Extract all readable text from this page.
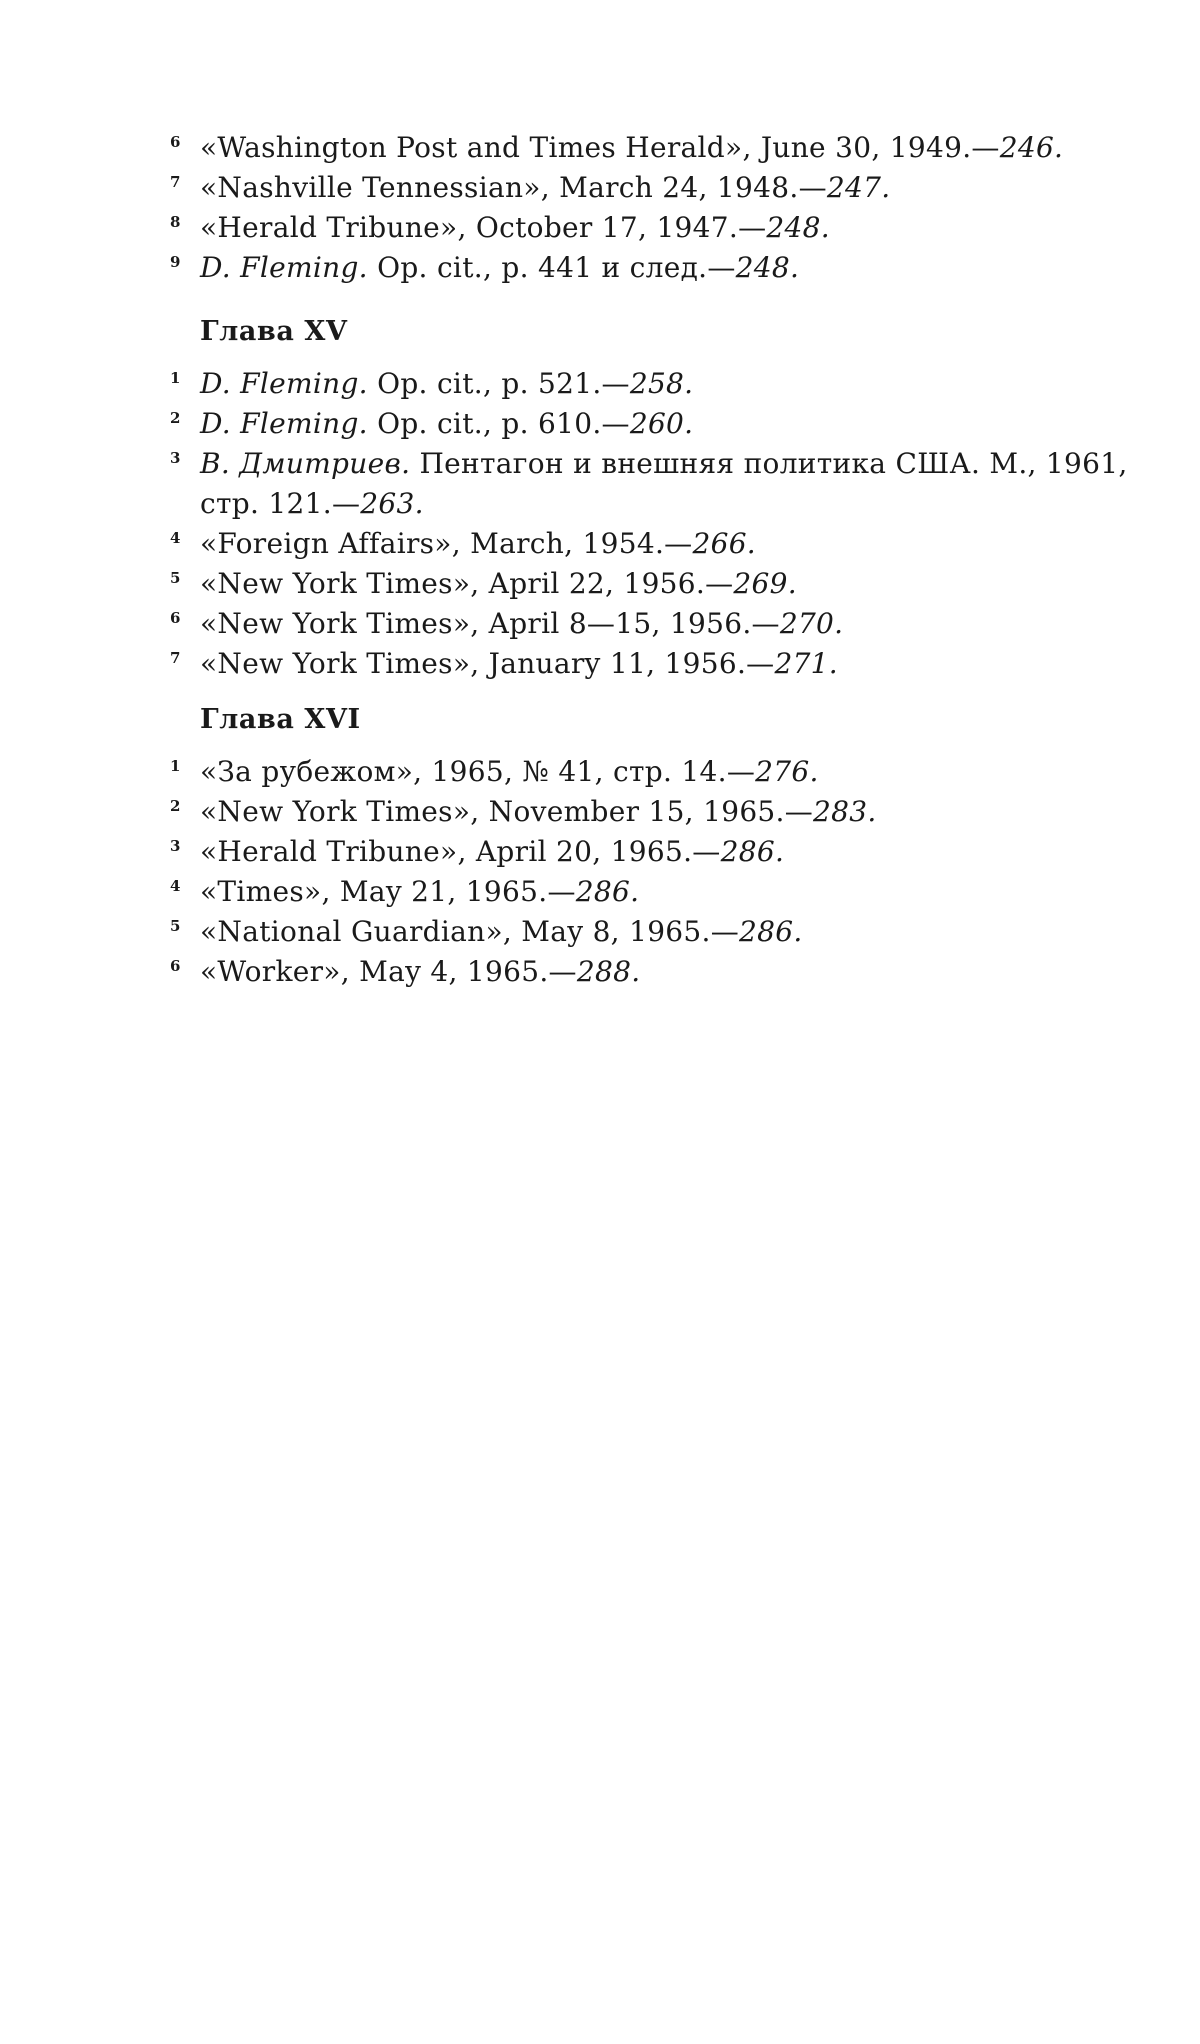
6 «Washington Post and Times Herald», June 30, 1949.—246.
7 «Nashville Tennessian», March 24, 1948.—247.
8 «Herald Tribune», October 17, 1947.—248.
9 D. Fleming. Op. cit., p. 441 и след.—248.
Глава XV
1 D. Fleming. Op. cit., p. 521.—258.
2 D. Fleming. Op. cit., p. 610.—260.
3 В. Дмитриев. Пентагон и внешняя политика США. М., 1961, стр. 121.—263.
4 «Foreign Affairs», March, 1954.—266.
5 «New York Times», April 22, 1956.—269.
6 «New York Times», April 8—15, 1956.—270.
7 «New York Times», January 11, 1956.—271.
Глава XVI
1 «За рубежом», 1965, № 41, стр. 14.—276.
2 «New York Times», November 15, 1965.—283.
3 «Herald Tribune», April 20, 1965.—286.
4 «Times», May 21, 1965.—286.
5 «National Guardian», May 8, 1965.—286.
6 «Worker», May 4, 1965.—288.
